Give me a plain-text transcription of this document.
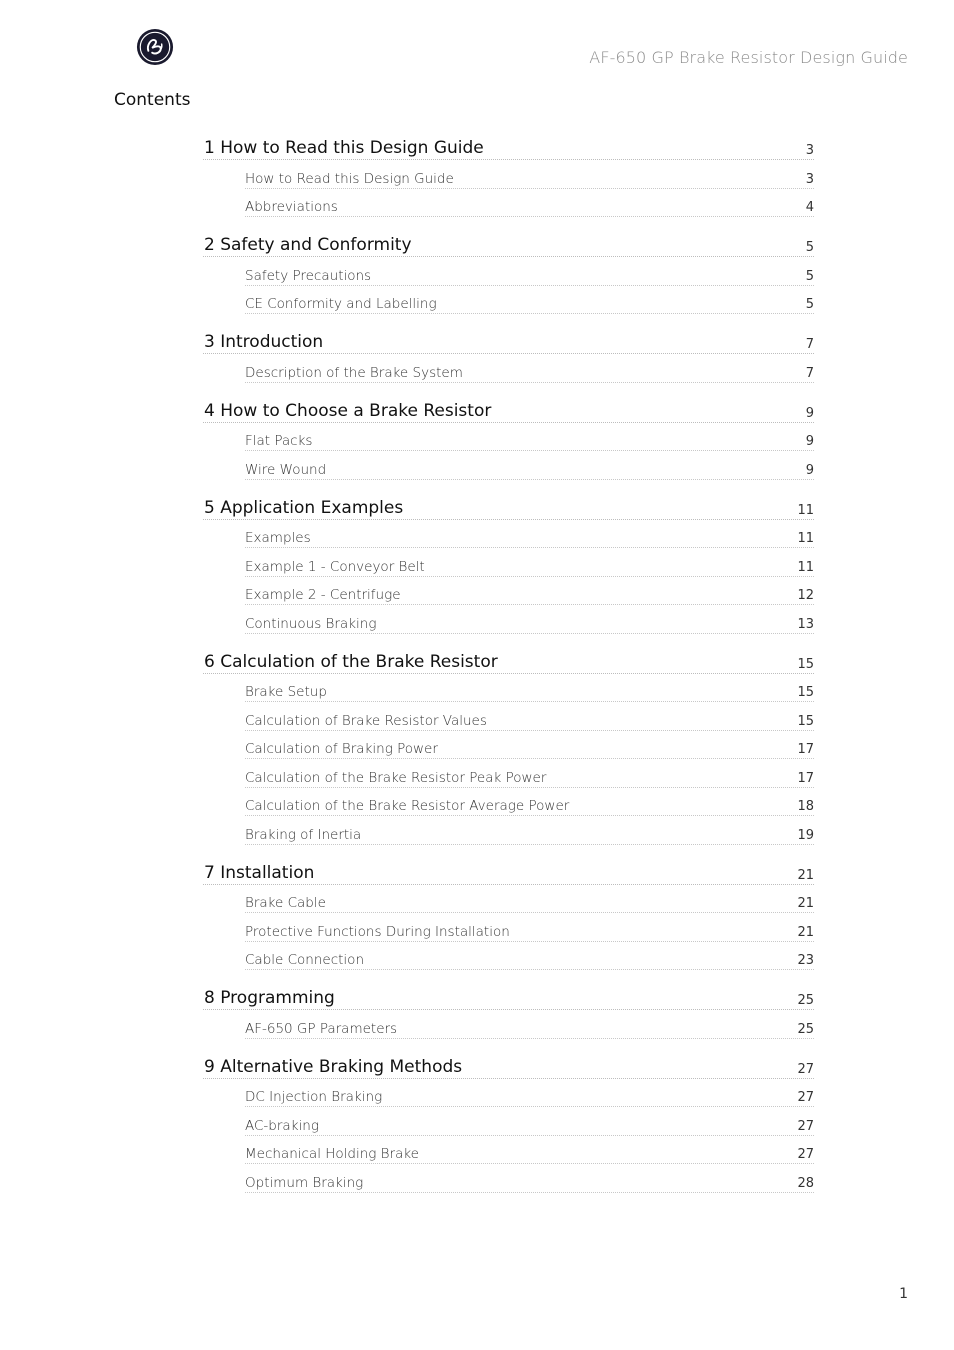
AF-650 GP Brake Resistor Design Guide
Contents
1 How to Read this Design Guide	3
How to Read this Design Guide	3
Abbreviations	4
2 Safety and Conformity	5
Safety Precautions	5
CE Conformity and Labelling	5
3 Introduction	7
Description of the Brake System	7
4 How to Choose a Brake Resistor	9
Flat Packs	9
Wire Wound	9
5 Application Examples	11
Examples	11
Example 1 - Conveyor Belt	11
Example 2 - Centrifuge	12
Continuous Braking	13
6 Calculation of the Brake Resistor	15
Brake Setup	15
Calculation of Brake Resistor Values	15
Calculation of Braking Power	17
Calculation of the Brake Resistor Peak Power	17
Calculation of the Brake Resistor Average Power	18
Braking of Inertia	19
7 Installation	21
Brake Cable	21
Protective Functions During Installation	21
Cable Connection	23
8 Programming	25
AF-650 GP Parameters	25
9 Alternative Braking Methods	27
DC Injection Braking	27
AC-braking	27
Mechanical Holding Brake	27
Optimum Braking	28
1
